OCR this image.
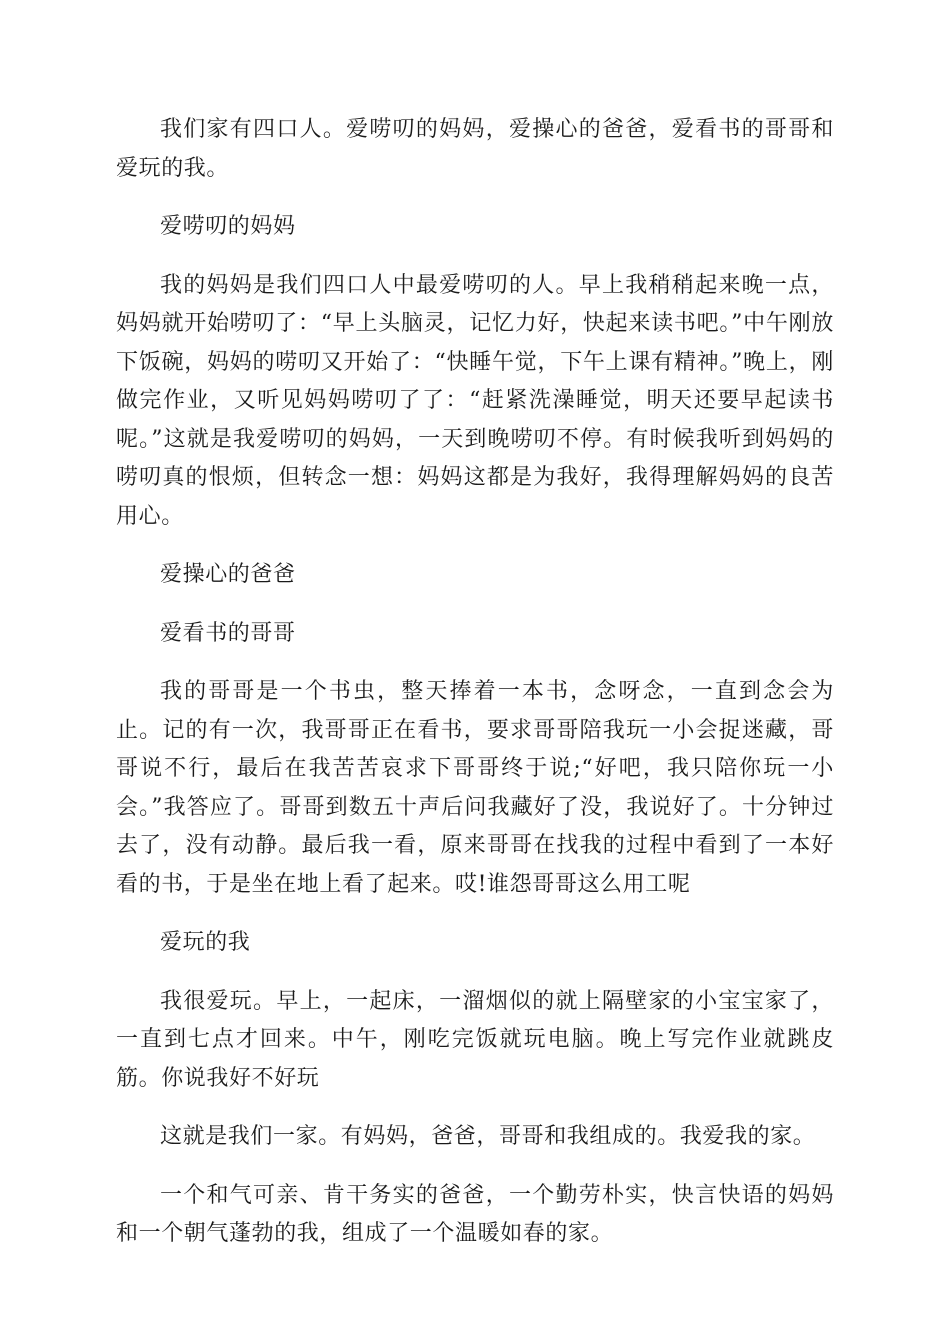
我们家有四口人。爱唠叨的妈妈，爱操心的爸爸，爱看书的哥哥和爱玩的我。

爱唠叨的妈妈

我的妈妈是我们四口人中最爱唠叨的人。早上我稍稍起来晚一点，妈妈就开始唠叨了：“早上头脑灵，记忆力好，快起来读书吧。”中午刚放下饭碗，妈妈的唠叨又开始了：“快睡午觉，下午上课有精神。”晚上，刚做完作业，又听见妈妈唠叨了了：“赶紧洗澡睡觉，明天还要早起读书呢。”这就是我爱唠叨的妈妈，一天到晚唠叨不停。有时候我听到妈妈的唠叨真的恨烦，但转念一想：妈妈这都是为我好，我得理解妈妈的良苦用心。

爱操心的爸爸

爱看书的哥哥

我的哥哥是一个书虫，整天捧着一本书，念呀念，一直到念会为止。记的有一次，我哥哥正在看书，要求哥哥陪我玩一小会捉迷藏，哥哥说不行，最后在我苦苦哀求下哥哥终于说;“好吧，我只陪你玩一小会。”我答应了。哥哥到数五十声后问我藏好了没，我说好了。十分钟过去了，没有动静。最后我一看，原来哥哥在找我的过程中看到了一本好看的书，于是坐在地上看了起来。哎!谁怨哥哥这么用工呢

爱玩的我

我很爱玩。早上，一起床，一溜烟似的就上隔壁家的小宝宝家了，一直到七点才回来。中午，刚吃完饭就玩电脑。晚上写完作业就跳皮筋。你说我好不好玩

这就是我们一家。有妈妈，爸爸，哥哥和我组成的。我爱我的家。

一个和气可亲、肯干务实的爸爸，一个勤劳朴实，快言快语的妈妈和一个朝气蓬勃的我，组成了一个温暖如春的家。
